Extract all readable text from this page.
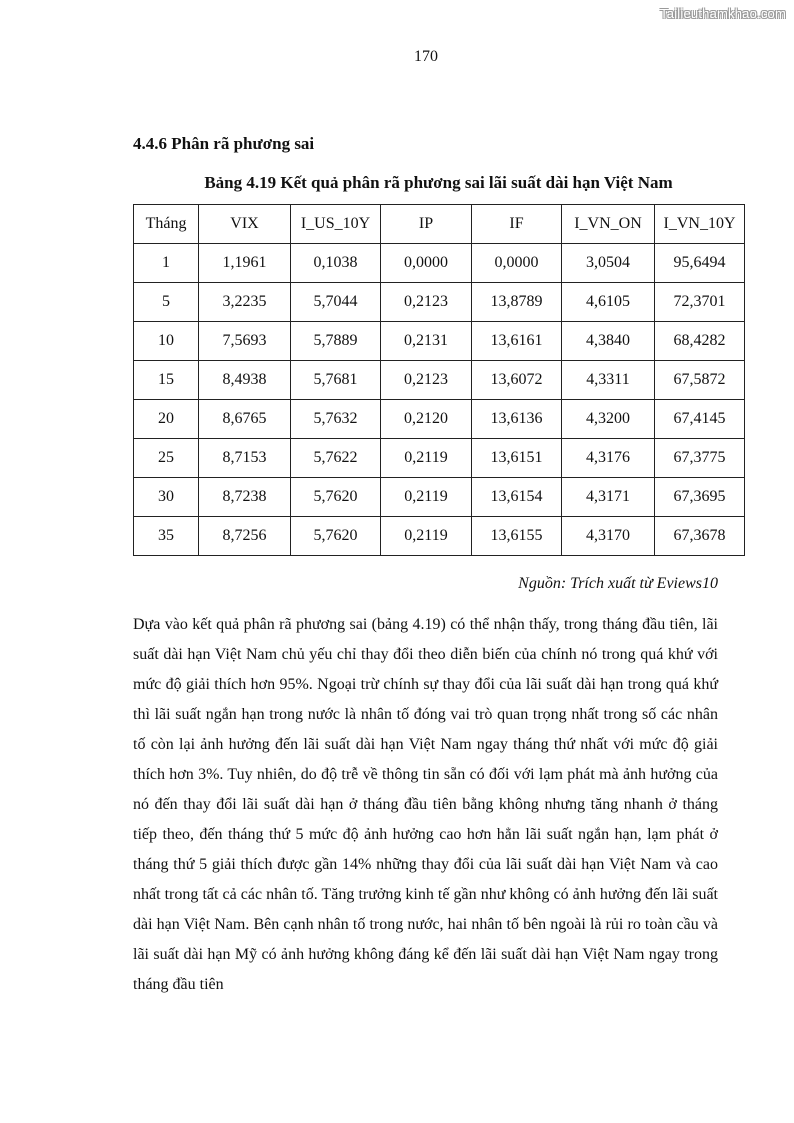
Tailieuthamkhao.com
170
4.4.6 Phân rã phương sai
Bảng 4.19 Kết quả phân rã phương sai lãi suất dài hạn Việt Nam
Tháng	VIX	I_US_10Y	IP	IF	I_VN_ON	I_VN_10Y
1	1,1961	0,1038	0,0000	0,0000	3,0504	95,6494
5	3,2235	5,7044	0,2123	13,8789	4,6105	72,3701
10	7,5693	5,7889	0,2131	13,6161	4,3840	68,4282
15	8,4938	5,7681	0,2123	13,6072	4,3311	67,5872
20	8,6765	5,7632	0,2120	13,6136	4,3200	67,4145
25	8,7153	5,7622	0,2119	13,6151	4,3176	67,3775
30	8,7238	5,7620	0,2119	13,6154	4,3171	67,3695
35	8,7256	5,7620	0,2119	13,6155	4,3170	67,3678
Nguồn: Trích xuất từ Eviews10

Dựa vào kết quả phân rã phương sai (bảng 4.19) có thể nhận thấy, trong tháng đầu tiên, lãi suất dài hạn Việt Nam chủ yếu chỉ thay đổi theo diễn biến của chính nó trong quá khứ với mức độ giải thích hơn 95%. Ngoại trừ chính sự thay đổi của lãi suất dài hạn trong quá khứ thì lãi suất ngắn hạn trong nước là nhân tố đóng vai trò quan trọng nhất trong số các nhân tố còn lại ảnh hưởng đến lãi suất dài hạn Việt Nam ngay tháng thứ nhất với mức độ giải thích hơn 3%. Tuy nhiên, do độ trễ về thông tin sẵn có đối với lạm phát mà ảnh hưởng của nó đến thay đổi lãi suất dài hạn ở tháng đầu tiên bằng không nhưng tăng nhanh ở tháng tiếp theo, đến tháng thứ 5 mức độ ảnh hưởng cao hơn hẳn lãi suất ngắn hạn, lạm phát ở tháng thứ 5 giải thích được gần 14% những thay đổi của lãi suất dài hạn Việt Nam và cao nhất trong tất cả các nhân tố. Tăng trưởng kinh tế gần như không có ảnh hưởng đến lãi suất dài hạn Việt Nam. Bên cạnh nhân tố trong nước, hai nhân tố bên ngoài là rủi ro toàn cầu và lãi suất dài hạn Mỹ có ảnh hưởng không đáng kể đến lãi suất dài hạn Việt Nam ngay trong tháng đầu tiên
